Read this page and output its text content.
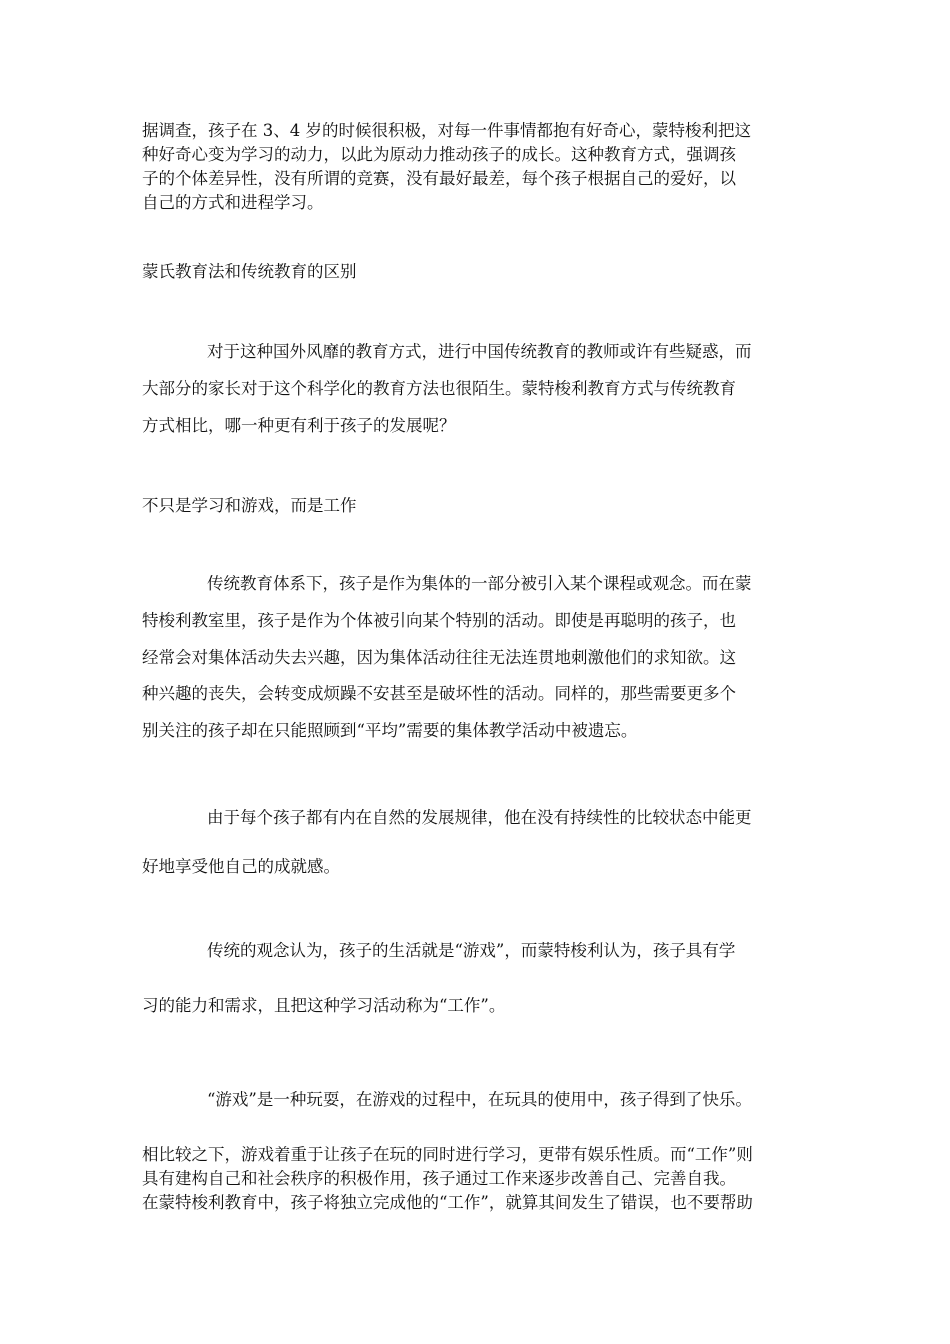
据调查，孩子在 3、4 岁的时候很积极，对每一件事情都抱有好奇心，蒙特梭利把这
种好奇心变为学习的动力，以此为原动力推动孩子的成长。这种教育方式，强调孩
子的个体差异性，没有所谓的竞赛，没有最好最差，每个孩子根据自己的爱好，以
自己的方式和进程学习。
蒙氏教育法和传统教育的区别
对于这种国外风靡的教育方式，进行中国传统教育的教师或许有些疑惑，而
大部分的家长对于这个科学化的教育方法也很陌生。蒙特梭利教育方式与传统教育
方式相比，哪一种更有利于孩子的发展呢？
不只是学习和游戏，而是工作
传统教育体系下，孩子是作为集体的一部分被引入某个课程或观念。而在蒙
特梭利教室里，孩子是作为个体被引向某个特别的活动。即使是再聪明的孩子，也
经常会对集体活动失去兴趣，因为集体活动往往无法连贯地刺激他们的求知欲。这
种兴趣的丧失，会转变成烦躁不安甚至是破坏性的活动。同样的，那些需要更多个
别关注的孩子却在只能照顾到“平均”需要的集体教学活动中被遗忘。
由于每个孩子都有内在自然的发展规律，他在没有持续性的比较状态中能更
好地享受他自己的成就感。
传统的观念认为，孩子的生活就是“游戏”，而蒙特梭利认为，孩子具有学
习的能力和需求，且把这种学习活动称为“工作”。
“游戏”是一种玩耍，在游戏的过程中，在玩具的使用中，孩子得到了快乐。
相比较之下，游戏着重于让孩子在玩的同时进行学习，更带有娱乐性质。而“工作”则
具有建构自己和社会秩序的积极作用，孩子通过工作来逐步改善自己、完善自我。
在蒙特梭利教育中，孩子将独立完成他的“工作”，就算其间发生了错误，也不要帮助
